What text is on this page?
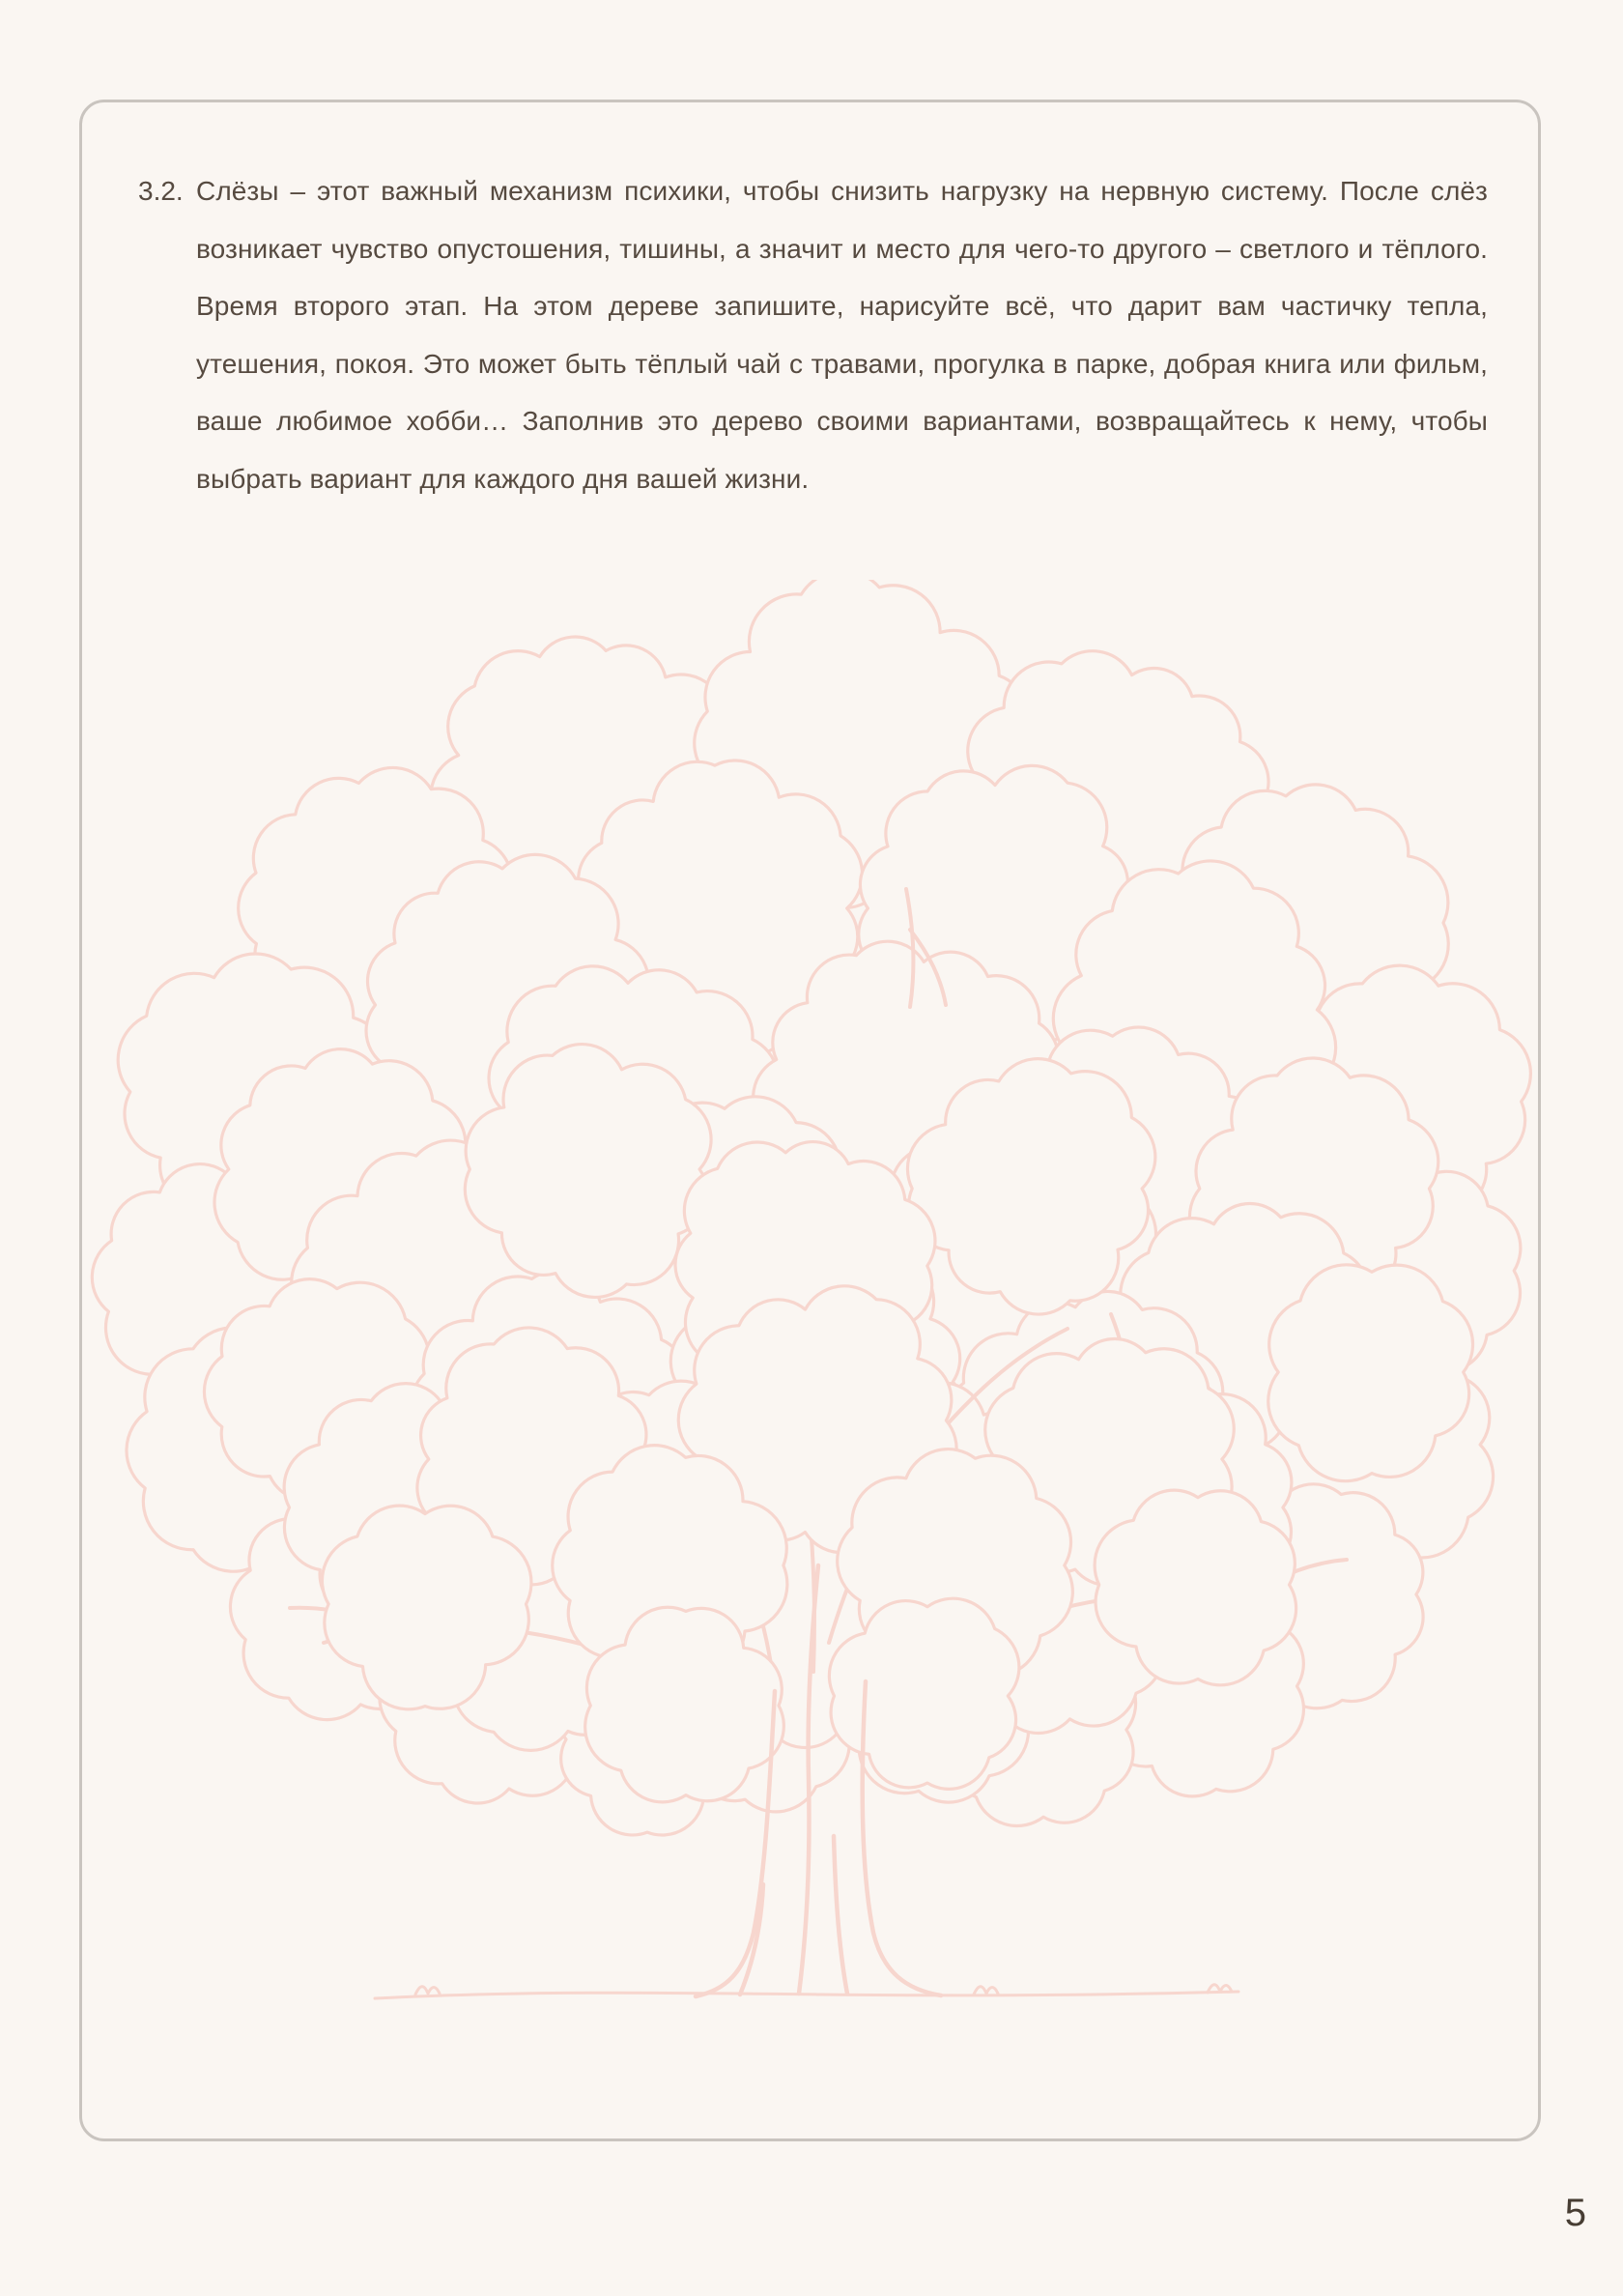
3.2. Слёзы – этот важный механизм психики, чтобы снизить нагрузку на нервную систему. После слёз возникает чувство опустошения, тишины, а значит и место для чего-то другого – светлого и тёплого. Время второго этап. На этом дереве запишите, нарисуйте всё, что дарит вам частичку тепла, утешения, покоя. Это может быть тёплый чай с травами, прогулка в парке, добрая книга или фильм, ваше любимое хобби… Заполнив это дерево своими вариантами, возвращайтесь к нему, чтобы выбрать вариант для каждого дня вашей жизни.

5
